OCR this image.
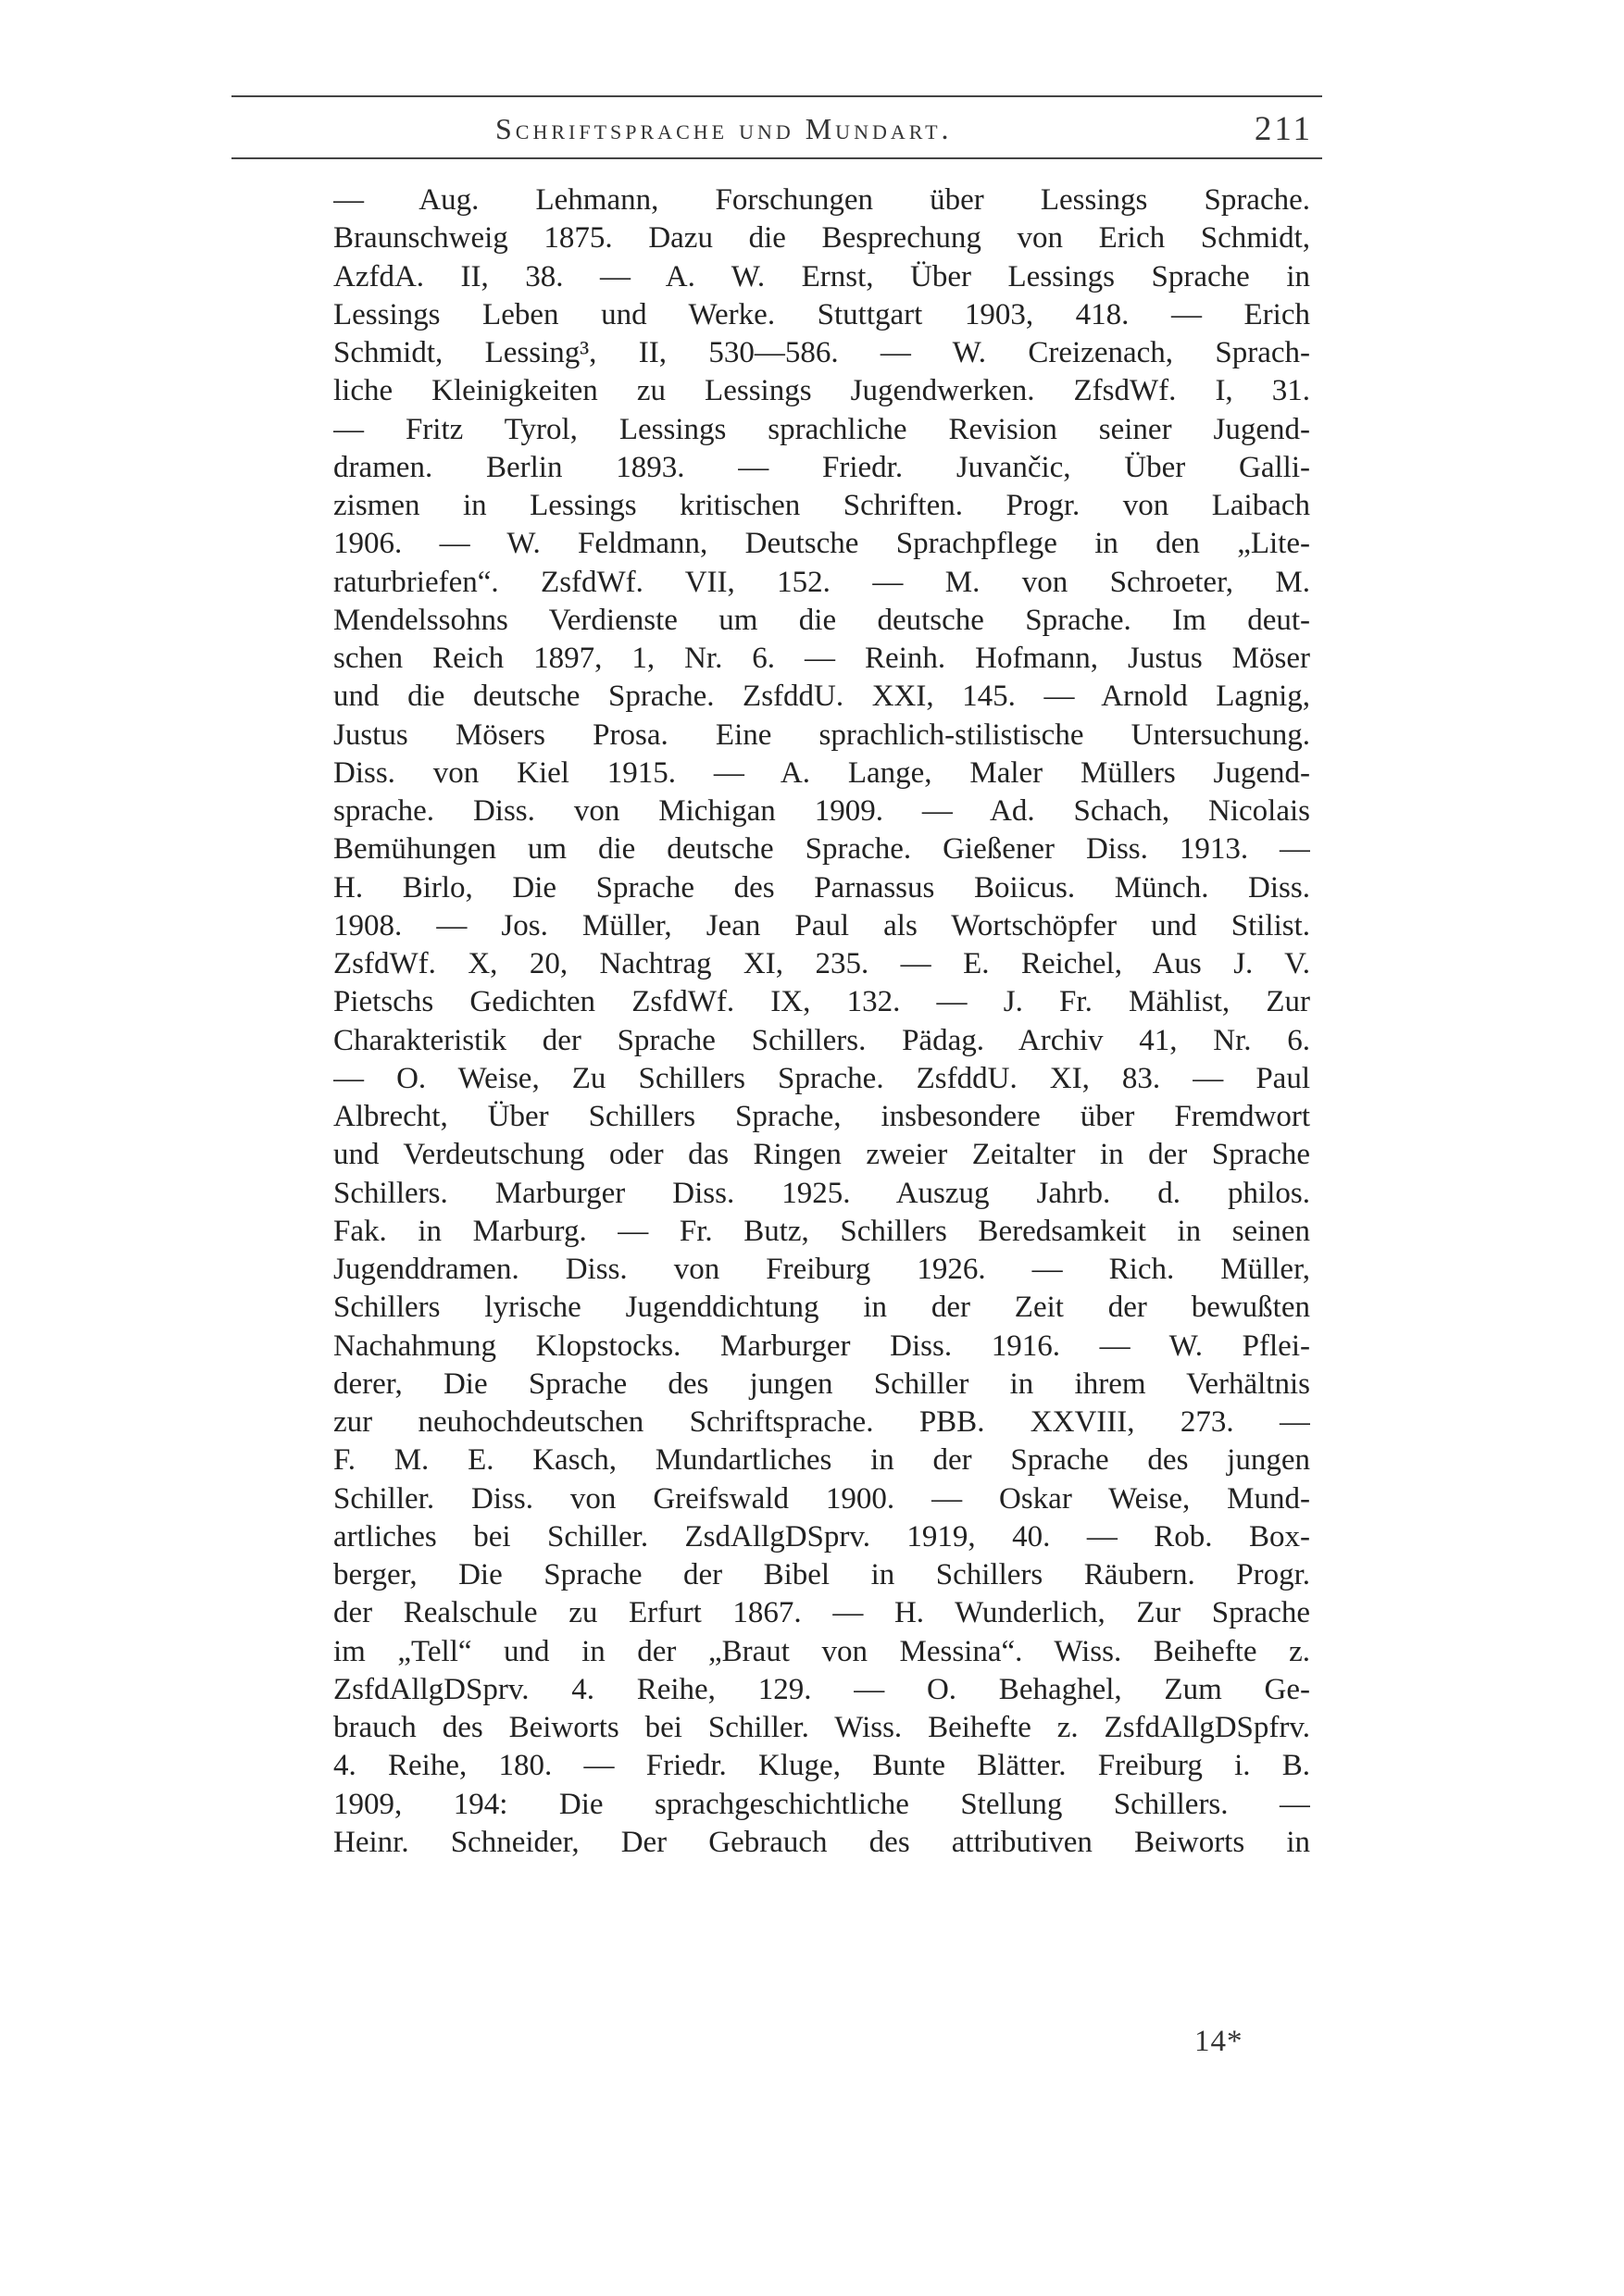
Schriftsprache und Mundart.	211
— Aug. Lehmann, Forschungen über Lessings Sprache.
Braunschweig 1875. Dazu die Besprechung von Erich Schmidt,
AzfdA. II, 38. — A. W. Ernst, Über Lessings Sprache in
Lessings Leben und Werke. Stuttgart 1903, 418. — Erich
Schmidt, Lessing³, II, 530—586. — W. Creizenach, Sprach-
liche Kleinigkeiten zu Lessings Jugendwerken. ZfsdWf. I, 31.
— Fritz Tyrol, Lessings sprachliche Revision seiner Jugend-
dramen. Berlin 1893. — Friedr. Juvančic, Über Galli-
zismen in Lessings kritischen Schriften. Progr. von Laibach
1906. — W. Feldmann, Deutsche Sprachpflege in den „Lite-
raturbriefen“. ZsfdWf. VII, 152. — M. von Schroeter, M.
Mendelssohns Verdienste um die deutsche Sprache. Im deut-
schen Reich 1897, 1, Nr. 6. — Reinh. Hofmann, Justus Möser
und die deutsche Sprache. ZsfddU. XXI, 145. — Arnold Lagnig,
Justus Mösers Prosa. Eine sprachlich-stilistische Untersuchung.
Diss. von Kiel 1915. — A. Lange, Maler Müllers Jugend-
sprache. Diss. von Michigan 1909. — Ad. Schach, Nicolais
Bemühungen um die deutsche Sprache. Gießener Diss. 1913. —
H. Birlo, Die Sprache des Parnassus Boiicus. Münch. Diss.
1908. — Jos. Müller, Jean Paul als Wortschöpfer und Stilist.
ZsfdWf. X, 20, Nachtrag XI, 235. — E. Reichel, Aus J. V.
Pietschs Gedichten ZsfdWf. IX, 132. — J. Fr. Mählist, Zur
Charakteristik der Sprache Schillers. Pädag. Archiv 41, Nr. 6.
— O. Weise, Zu Schillers Sprache. ZsfddU. XI, 83. — Paul
Albrecht, Über Schillers Sprache, insbesondere über Fremdwort
und Verdeutschung oder das Ringen zweier Zeitalter in der Sprache
Schillers. Marburger Diss. 1925. Auszug Jahrb. d. philos.
Fak. in Marburg. — Fr. Butz, Schillers Beredsamkeit in seinen
Jugenddramen. Diss. von Freiburg 1926. — Rich. Müller,
Schillers lyrische Jugenddichtung in der Zeit der bewußten
Nachahmung Klopstocks. Marburger Diss. 1916. — W. Pflei-
derer, Die Sprache des jungen Schiller in ihrem Verhältnis
zur neuhochdeutschen Schriftsprache. PBB. XXVIII, 273. —
F. M. E. Kasch, Mundartliches in der Sprache des jungen
Schiller. Diss. von Greifswald 1900. — Oskar Weise, Mund-
artliches bei Schiller. ZsdAllgDSprv. 1919, 40. — Rob. Box-
berger, Die Sprache der Bibel in Schillers Räubern. Progr.
der Realschule zu Erfurt 1867. — H. Wunderlich, Zur Sprache
im „Tell“ und in der „Braut von Messina“. Wiss. Beihefte z.
ZsfdAllgDSprv. 4. Reihe, 129. — O. Behaghel, Zum Ge-
brauch des Beiworts bei Schiller. Wiss. Beihefte z. ZsfdAllgDSpfrv.
4. Reihe, 180. — Friedr. Kluge, Bunte Blätter. Freiburg i. B.
1909, 194: Die sprachgeschichtliche Stellung Schillers. —
Heinr. Schneider, Der Gebrauch des attributiven Beiworts in
14*
